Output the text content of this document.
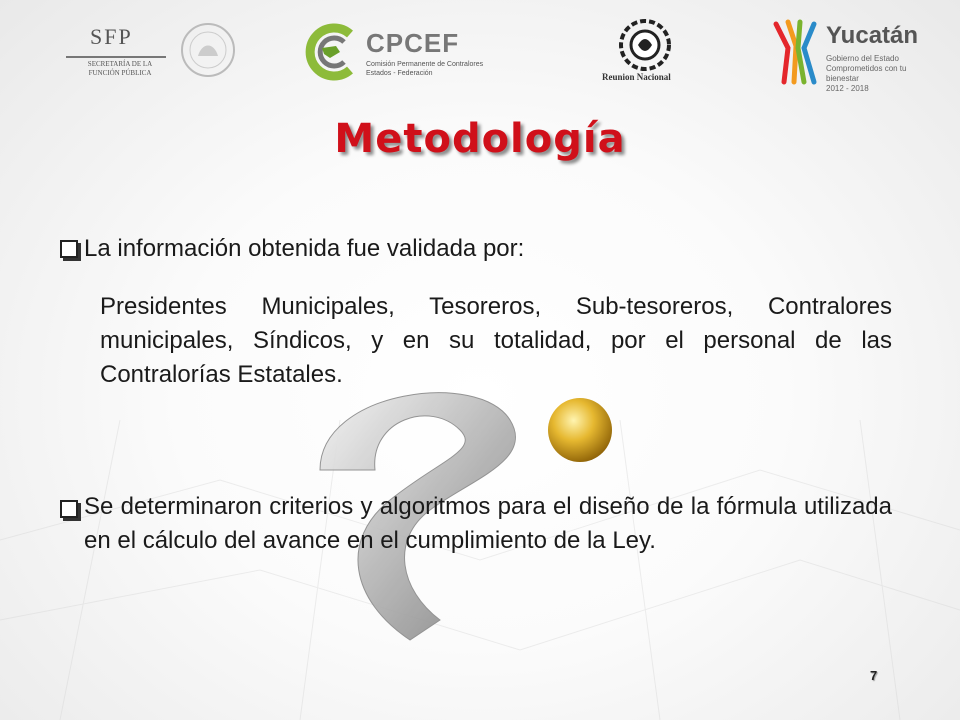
SFP
SECRETARÍA DE LA FUNCIÓN PÚBLICA
CPCEF
Comisión Permanente de Contralores Estados - Federación	Reunion Nacional
Yucatán
Gobierno del Estado
Comprometidos con tu bienestar
2012 - 2018
Metodología
La información obtenida fue validada por:
Presidentes Municipales, Tesoreros, Sub-tesoreros, Contralores municipales, Síndicos, y en su totalidad, por el personal de las Contralorías Estatales.
Se determinaron criterios y algoritmos para el diseño de la fórmula utilizada en el cálculo del avance en el cumplimiento de la Ley.
7
